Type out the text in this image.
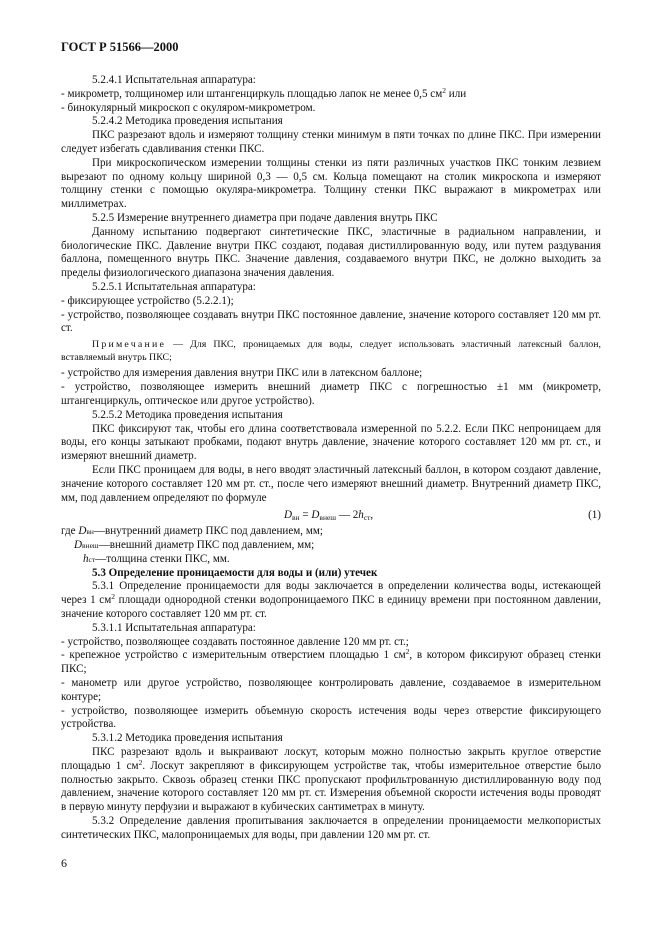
ГОСТ Р 51566—2000

5.2.4.1 Испытательная аппаратура:

- микрометр, толщиномер или штангенциркуль площадью лапок не менее 0,5 $см^2$ или

- бинокулярный микроскоп с окуляром-микрометром.

5.2.4.2 Методика проведения испытания

ПКС разрезают вдоль и измеряют толщину стенки минимум в пяти точках по длине ПКС. При измерении следует избегать сдавливания стенки ПКС.

При микроскопическом измерении толщины стенки из пяти различных участков ПКС тонким лезвием вырезают по одному кольцу шириной 0,3 — 0,5 см. Кольца помещают на столик микроскопа и измеряют толщину стенки с помощью окуляра-микрометра. Толщину стенки ПКС выражают в микрометрах или миллиметрах.

5.2.5 Измерение внутреннего диаметра при подаче давления внутрь ПКС

Данному испытанию подвергают синтетические ПКС, эластичные в радиальном направлении, и биологические ПКС. Давление внутри ПКС создают, подавая дистиллированную воду, или путем раздувания баллона, помещенного внутрь ПКС. Значение давления, создаваемого внутри ПКС, не должно выходить за пределы физиологического диапазона значения давления.

5.2.5.1 Испытательная аппаратура:

- фиксирующее устройство (5.2.2.1);

- устройство, позволяющее создавать внутри ПКС постоянное давление, значение которого составляет 120 мм рт. ст.

Примечание — Для ПКС, проницаемых для воды, следует использовать эластичный латексный баллон, вставляемый внутрь ПКС;

- устройство для измерения давления внутри ПКС или в латексном баллоне;

- устройство, позволяющее измерить внешний диаметр ПКС с погрешностью ±1 мм (микрометр, штангенциркуль, оптическое или другое устройство).

5.2.5.2 Методика проведения испытания

ПКС фиксируют так, чтобы его длина соответствовала измеренной по 5.2.2. Если ПКС непроницаем для воды, его концы затыкают пробками, подают внутрь давление, значение которого составляет 120 мм рт. ст., и измеряют внешний диаметр.

Если ПКС проницаем для воды, в него вводят эластичный латексный баллон, в котором создают давление, значение которого составляет 120 мм рт. ст., после чего измеряют внешний диаметр. Внутренний диаметр ПКС, мм, под давлением определяют по формуле

$D_{вн} = D_{внеш}$ — $2h_{ст}$,	(1)
где
D вн — внутренний диаметр ПКС под давлением, мм;
D внеш — внешний диаметр ПКС под давлением, мм;
h ст — толщина стенки ПКС, мм.

5.3 Определение проницаемости для воды и (или) утечек

5.3.1 Определение проницаемости для воды заключается в определении количества воды, истекающей через 1 $см^2$ площади однородной стенки водопроницаемого ПКС в единицу времени при постоянном давлении, значение которого составляет 120 мм рт. ст.

5.3.1.1 Испытательная аппаратура:

- устройство, позволяющее создавать постоянное давление 120 мм рт. ст.;

- крепежное устройство с измерительным отверстием площадью 1 $см^2$, в котором фиксируют образец стенки ПКС;

- манометр или другое устройство, позволяющее контролировать давление, создаваемое в измерительном контуре;

- устройство, позволяющее измерить объемную скорость истечения воды через отверстие фиксирующего устройства.

5.3.1.2 Методика проведения испытания

ПКС разрезают вдоль и выкраивают лоскут, которым можно полностью закрыть круглое отверстие площадью 1 $см^2$. Лоскут закрепляют в фиксирующем устройстве так, чтобы измерительное отверстие было полностью закрыто. Сквозь образец стенки ПКС пропускают профильтрованную дистиллированную воду под давлением, значение которого составляет 120 мм рт. ст. Измерения объемной скорости истечения воды проводят в первую минуту перфузии и выражают в кубических сантиметрах в минуту.

5.3.2 Определение давления пропитывания заключается в определении проницаемости мелкопористых синтетических ПКС, малопроницаемых для воды, при давлении 120 мм рт. ст.

6
